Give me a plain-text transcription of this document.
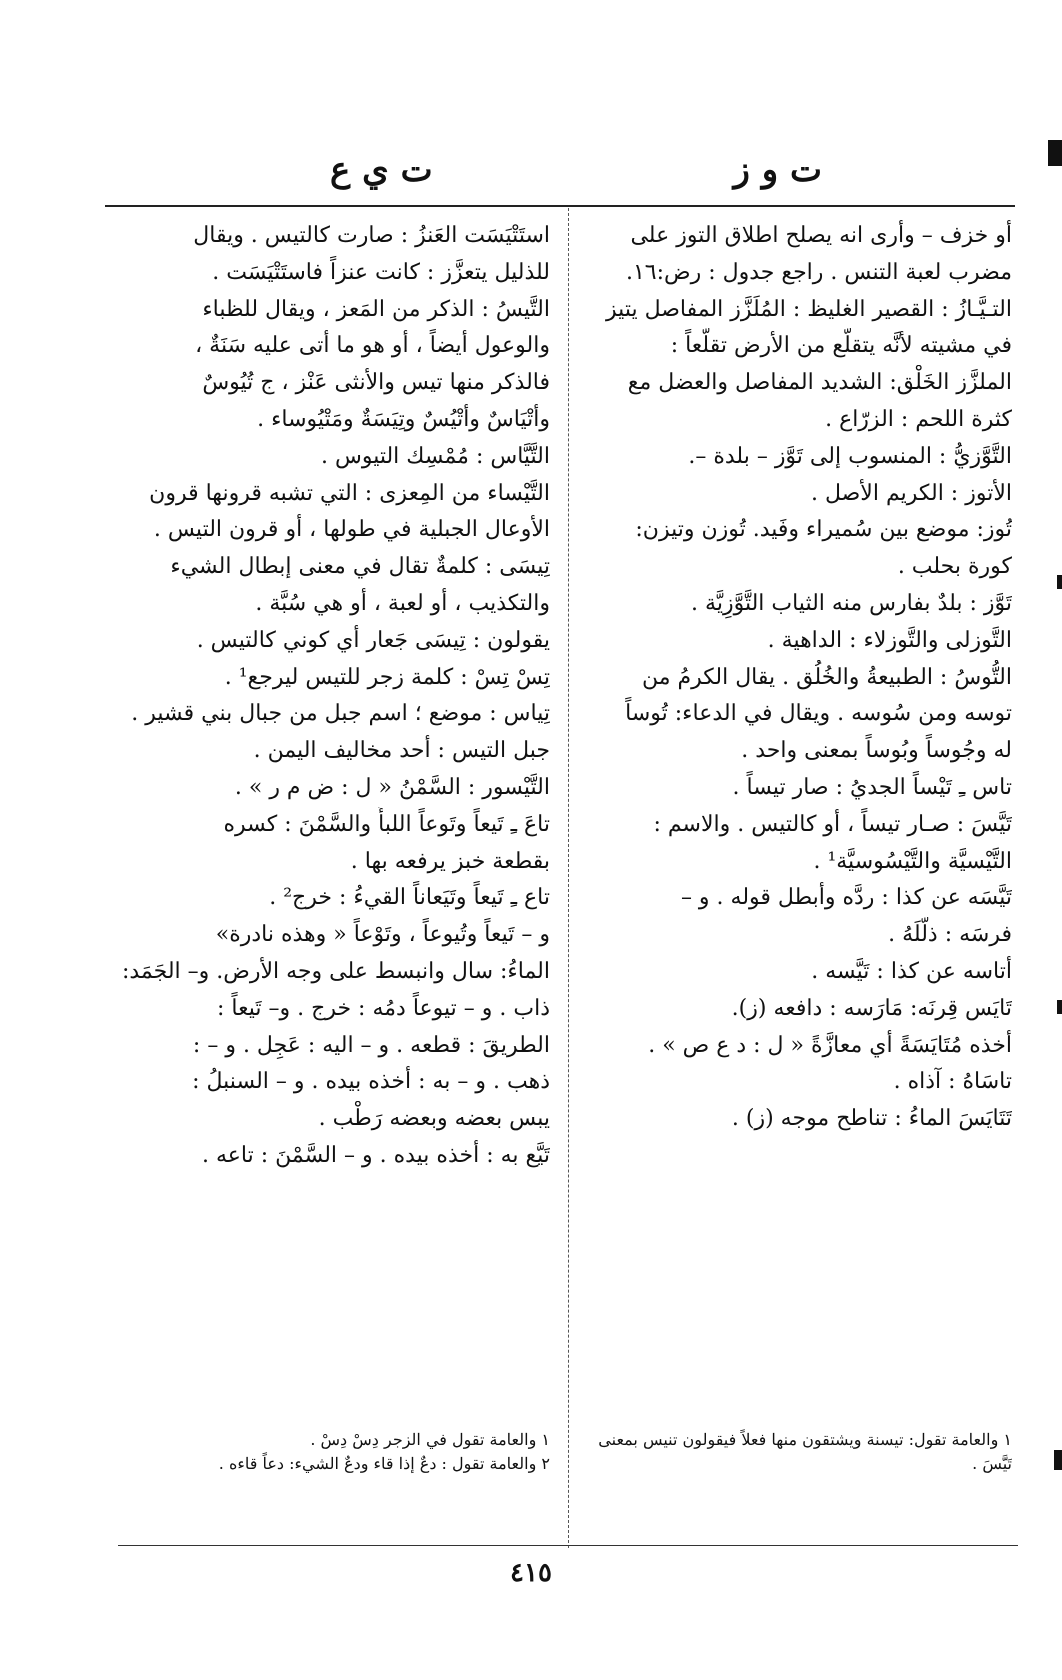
ت و ز
ت ي ع
أو خزف – وأرى انه يصلح اطلاق التوز على
مضرب لعبة التنس . راجع جدول : رض:١٦.
التـيَّـازُ : القصير الغليظ : المُلَزَّز المفاصل يتيز
في مشيته لأنَّه يتقلَّع من الأرض تقلُّعاً :
الملزَّز الخَلْق: الشديد المفاصل والعضل مع
كثرة اللحم : الزرّاع .
التَّوَّزيُّ : المنسوب إلى تَوَّز – بلدة –.
الأتوز : الكريم الأصل .
تُوز: موضع بين سُميراء وفَيد. تُوزن وتيزن:
كورة بحلب .
تَوَّز : بلدٌ بفارس منه الثياب التَّوَّزِيَّة .
التَّوزلى والتَّوزلاء : الداهية .
التُّوسُ : الطبيعةُ والخُلُق . يقال الكرمُ من
توسه ومن سُوسه . ويقال في الدعاء: تُوساً
له وجُوساً وبُوساً بمعنى واحد .
تاس ـِ تَيْساً الجديُ : صار تيساً .
تَيَّسَ : صـار تيساً ، أو كالتيس . والاسم :
التَّيْسيَّة والتَّيْسُوسيَّة¹ .
تَيَّسَه عن كذا : ردَّه وأبطل قوله . و –
فرسَه : ذلَّلَهُ .
أتاسه عن كذا : تَيَّسه .
تَايَس قِرنَه: مَارَسه : دافعه (ز).
أخذه مُتَايَسَةً أي معازَّةً « ل : د ع ص » .
تاسَاهُ : آذاه .
تَتَايَسَ الماءُ : تناطح موجه (ز) .
استَتْيَسَت العَنزُ : صارت كالتيس . ويقال
للذليل يتعزَّز : كانت عنزاً فاستَتْيَسَت .
التَّيسُ : الذكر من المَعز ، ويقال للظباء
والوعول أيضاً ، أو هو ما أتى عليه سَنَةٌ ،
فالذكر منها تيس والأنثى عَنْز ، ج تُيُوسٌ
وأتْيَاسٌ وأتْيُسٌ وتِيَسَةٌ ومَتْيُوساء .
التَّيَّاس : مُمْسِك التيوس .
التَّيْساء من المِعزى : التي تشبه قرونها قرون
الأوعال الجبلية في طولها ، أو قرون التيس .
تِيسَى : كلمةٌ تقال في معنى إبطال الشيء
والتكذيب ، أو لعبة ، أو هي سُبَّة .
يقولون : تِيسَى جَعار أي كوني كالتيس .
تِسْ تِسْ : كلمة زجر للتيس ليرجع¹ .
تِياس : موضع ؛ اسم جبل من جبال بني قشير .
جبل التيس : أحد مخاليف اليمن .
التَّيْسور : السَّمْنُ « ل : ض م ر » .
تاعَ ـِ تَيعاً وتَوعاً اللبأَ والسَّمْنَ : كسره
بقطعة خبز يرفعه بها .
تاع ـِ تَيعاً وتَيَعاناً القيءُ : خرج² .
و – تَيعاً وتُيوعاً ، وتَوْعاً « وهذه نادرة»
الماءُ: سال وانبسط على وجه الأرض. و– الجَمَد:
ذاب . و – تيوعاً دمُه : خرج . و– تَيعاً :
الطريقَ : قطعه . و – اليه : عَجِل . و – :
ذهب . و – به : أخذه بيده . و – السنبلُ :
يبس بعضه وبعضه رَطْب .
تَيَّع به : أخذه بيده . و – السَّمْنَ : تاعه .
١ والعامة تقول: تيسنة ويشتقون منها فعلاً فيقولون تنيس بمعنى
تَيَّسَ .
١ والعامة تقول في الزجر دِسْ دِسْ .
٢ والعامة تقول : دعٌ إذا قاء ودعٌ الشيء: دعاً قاءه .
٤١٥
